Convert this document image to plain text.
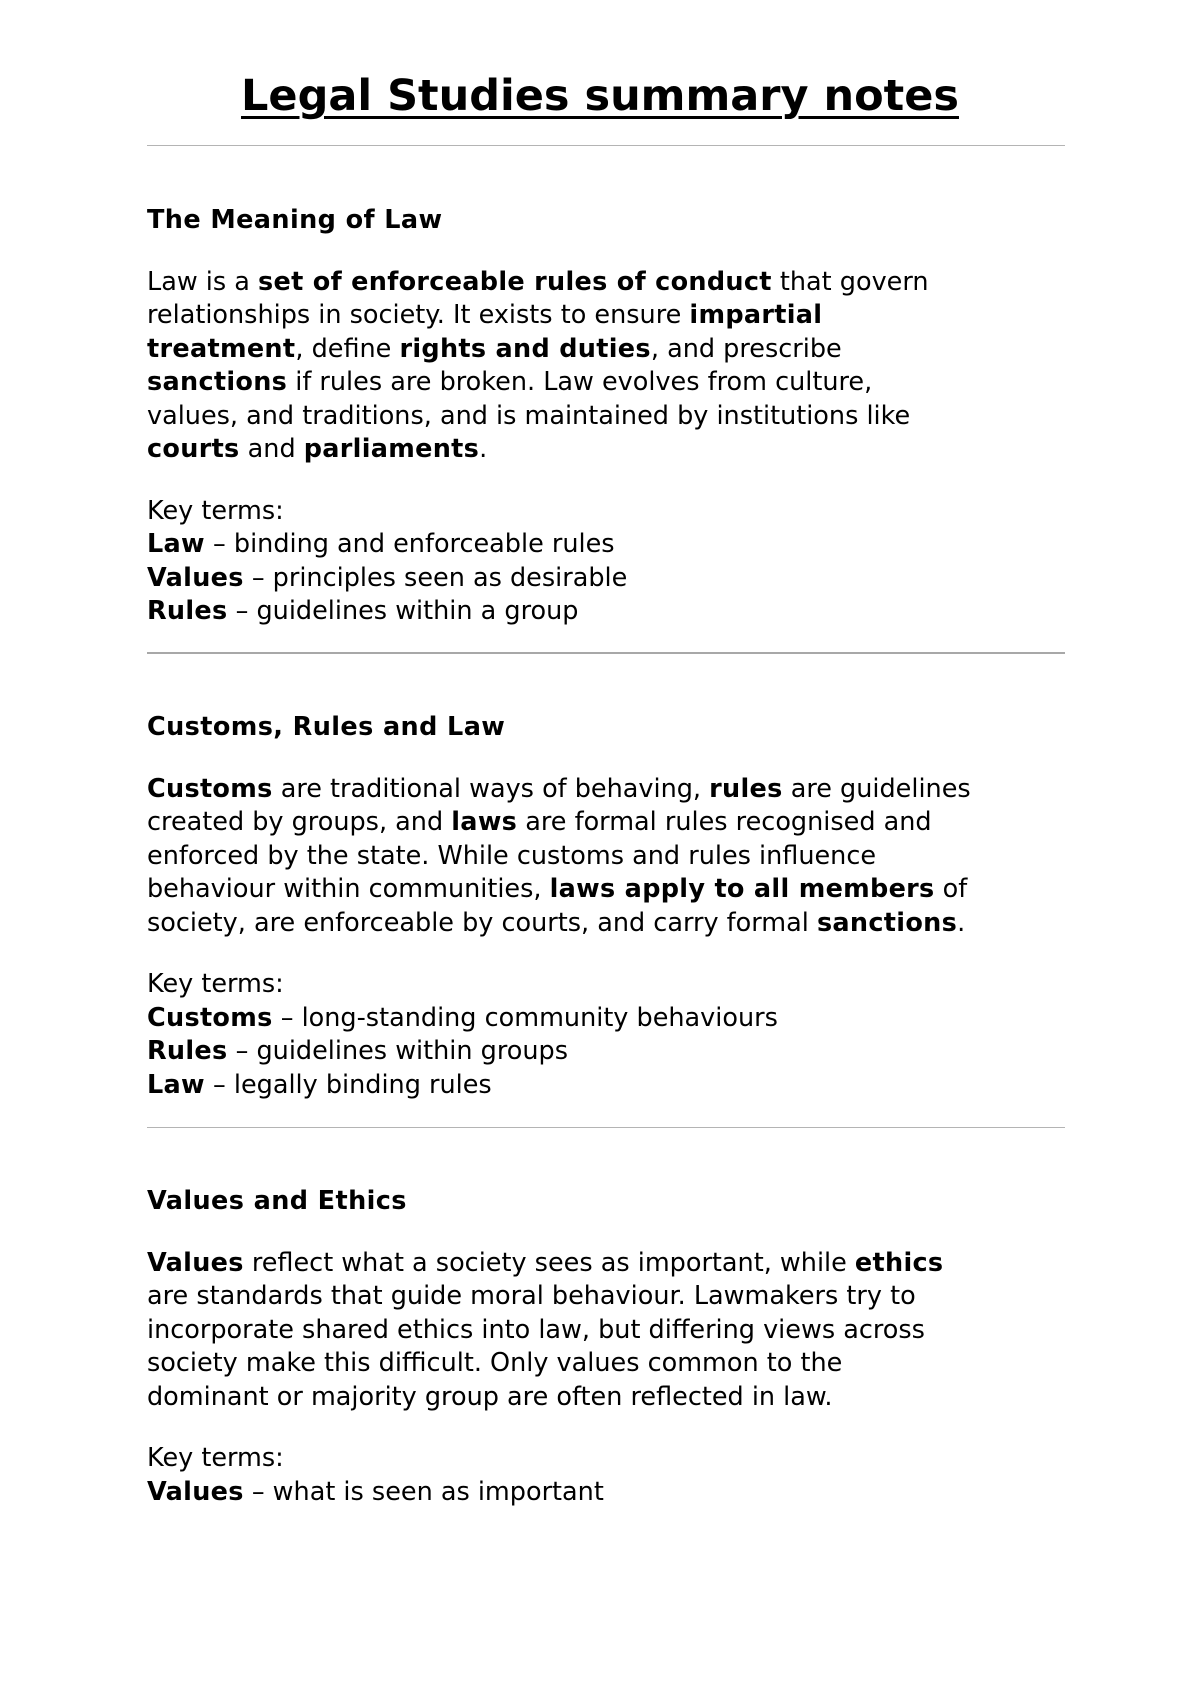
Legal Studies summary notes
The Meaning of Law

Law is a set of enforceable rules of conduct that govern
relationships in society. It exists to ensure impartial
treatment, define rights and duties, and prescribe
sanctions if rules are broken. Law evolves from culture,
values, and traditions, and is maintained by institutions like
courts and parliaments.

Key terms:
Law – binding and enforceable rules
Values – principles seen as desirable
Rules – guidelines within a group
Customs, Rules and Law

Customs are traditional ways of behaving, rules are guidelines
created by groups, and laws are formal rules recognised and
enforced by the state. While customs and rules influence
behaviour within communities, laws apply to all members of
society, are enforceable by courts, and carry formal sanctions.

Key terms:
Customs – long-standing community behaviours
Rules – guidelines within groups
Law – legally binding rules
Values and Ethics

Values reflect what a society sees as important, while ethics
are standards that guide moral behaviour. Lawmakers try to
incorporate shared ethics into law, but differing views across
society make this difficult. Only values common to the
dominant or majority group are often reflected in law.

Key terms:
Values – what is seen as important
